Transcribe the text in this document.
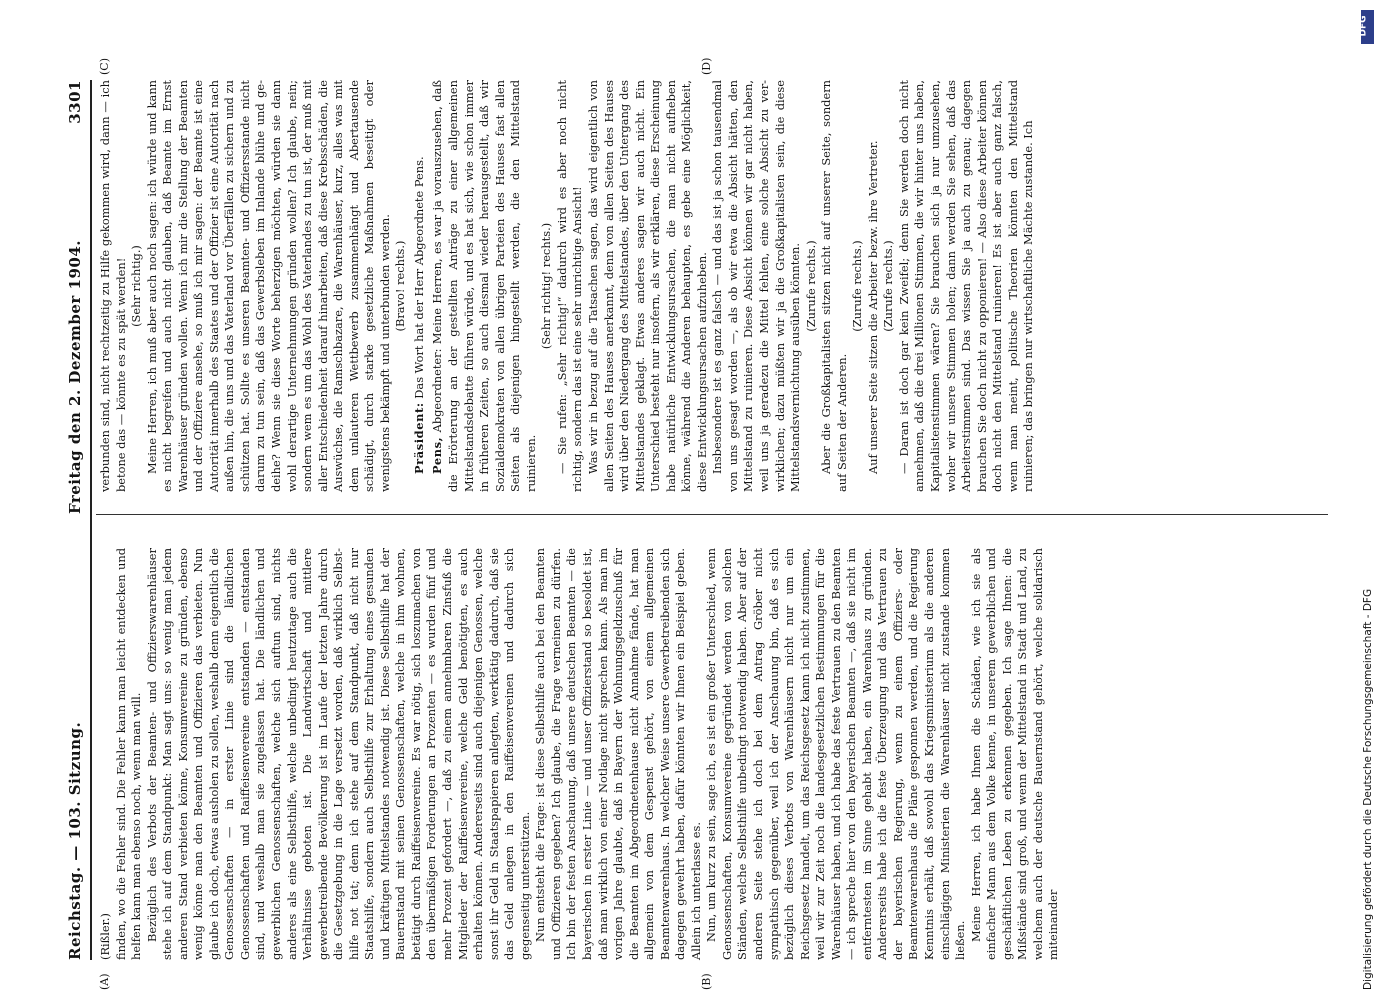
Reichstag. — 103. Sitzung.
Freitag den 2. Dezember 1904.
3301
(A)	(B)
(C)	(D)

(Rißler.) finden, wo die Fehler sind. Die Fehler kann man leicht entdecken und helfen kann man ebenso noch, wenn man will. Bezüglich des Verbots der Beamten- und Offizierswarenhäuser stehe ich auf dem Standpunkt: Man sagt uns: so wenig man jedem anderen Stand verbieten könne, Konsumvereine zu gründen, ebenso wenig könne man den Beamten und Offizieren das verbieten. Nun glaube ich doch, etwas ausholen zu sollen, weshalb denn eigentlich die Genossenschaften — in erster Linie sind die ländlichen Genossenschaften und Raiffeisenvereine entstanden — entstanden sind, und weshalb man sie zugelassen hat. Die ländlichen und gewerblichen Genossenschaften, welche sich auftun sind, nichts anderes als eine Selbsthilfe, welche unbedingt heutzutage auch die Verhältnisse geboten ist. Die Landwirtschaft und mittlere gewerbetreibende Bevölkerung ist im Laufe der letzten Jahre durch die Gesetzgebung in die Lage versetzt worden, daß wirklich Selbsthilfe not tat; denn ich stehe auf dem Standpunkt, daß nicht nur Staatshilfe, sondern auch Selbsthilfe zur Erhaltung eines gesunden und kräftigen Mittelstandes notwendig ist. Diese Selbsthilfe hat der Bauernstand mit seinen Genossenschaften, welche in ihm wohnen, betätigt durch Raiffeisenvereine. Es war nötig, sich loszumachen von den übermäßigen Forderungen an Prozenten — es wurden fünf und mehr Prozent gefordert —, daß zu einem annehmbaren Zinsfuß die Mitglieder der Raiffeisenvereine, welche Geld benötigten, es auch erhalten können. Andererseits sind auch diejenigen Genossen, welche sonst ihr Geld in Staatspapieren anlegten, werktätig dadurch, daß sie das Geld anlegen in den Raiffeisenvereinen und dadurch sich gegenseitig unterstützen. Nun entsteht die Frage: ist diese Selbsthilfe auch bei den Beamten und Offizieren gegeben? Ich glaube, die Frage verneinen zu dürfen. Ich bin der festen Anschauung, daß unsere deutschen Beamten — die bayerischen in erster Linie — und unser Offizierstand so besoldet ist, daß man wirklich von einer Notlage nicht sprechen kann. Als man im vorigen Jahre glaubte, daß in Bayern der Wohnungsgeldzuschuß für die Beamten im Abgeordnetenhause nicht Annahme fände, hat man allgemein von dem Gespenst gehört, von einem allgemeinen Beamtenwarenhaus. In welcher Weise unsere Gewerbetreibenden sich dagegen gewehrt haben, dafür könnten wir Ihnen ein Beispiel geben. Allein ich unterlasse es. Nun, um kurz zu sein, sage ich, es ist ein großer Unterschied, wenn Genossenschaften, Konsumvereine gegründet werden von solchen Ständen, welche Selbsthilfe unbedingt notwendig haben. Aber auf der anderen Seite stehe ich doch bei dem Antrag Gröber nicht sympathisch gegenüber, weil ich der Anschauung bin, daß es sich bezüglich dieses Verbots von Warenhäusern nicht nur um ein Reichsgesetz handelt, um das Reichsgesetz kann ich nicht zustimmen, weil wir zur Zeit noch die landesgesetzlichen Bestimmungen für die Warenhäuser haben, und ich habe das feste Vertrauen zu den Beamten — ich spreche hier von den bayerischen Beamten —, daß sie nicht im entferntesten im Sinne gehabt haben, ein Warenhaus zu gründen. Andererseits habe ich die feste Überzeugung und das Vertrauen zu der bayerischen Regierung, wenn zu einem Offiziers- oder Beamtenwarenhaus die Pläne gesponnen werden, und die Regierung Kenntnis erhält, daß sowohl das Kriegsministerium als die anderen einschlägigen Ministerien die Warenhäuser nicht zustande kommen ließen. Meine Herren, ich habe Ihnen die Schäden, wie ich sie als einfacher Mann aus dem Volke kenne, in unserem gewerblichen und geschäftlichen Leben zu erkennen gegeben. Ich sage Ihnen: die Mißstände sind groß, und wenn der Mittelstand in Stadt und Land, zu welchem auch der deutsche Bauernstand gehört, welche solidarisch miteinander

verbunden sind, nicht rechtzeitig zu Hilfe gekommen wird, dann — ich betone das — könnte es zu spät werden! (Sehr richtig.) Meine Herren, ich muß aber auch noch sagen: ich würde und kann es nicht begreifen und auch nicht glauben, daß Beamte im Ernst Warenhäuser gründen wollen. Wenn ich mir die Stellung der Beamten und der Offiziere ansehe, so muß ich mir sagen: der Beamte ist eine Autorität innerhalb des Staates und der Offizier ist eine Autorität nach außen hin, die uns und das Vaterland vor Überfällen zu sichern und zu schützen hat. Sollte es unseren Beamten- und Offiziersstande nicht darum zu tun sein, daß das Gewerbsleben im Inlande blühe und gedeihe? Wenn sie diese Worte beherzigen möchten, würden sie dann wohl derartige Unternehmungen gründen wollen? Ich glaube, nein; sondern wem es um das Wohl des Vaterlandes zu tun ist, der muß mit aller Entschiedenheit darauf hinarbeiten, daß diese Krebsschäden, die Auswüchse, die Ramschbazare, die Warenhäuser, kurz, alles was mit dem unlauteren Wettbewerb zusammenhängt und Abertausende schädigt, durch starke gesetzliche Maßnahmen beseitigt oder wenigstens bekämpft und unterbunden werden. (Bravo! rechts.)

Präsident: Das Wort hat der Herr Abgeordnete Pens.

Pens, Abgeordneter: Meine Herren, es war ja vorauszusehen, daß die Erörterung an der gestellten Anträge zu einer allgemeinen Mittelstandsdebatte führen würde, und es hat sich, wie schon immer in früheren Zeiten, so auch diesmal wieder herausgestellt, daß wir Sozialdemokraten von allen übrigen Parteien des Hauses fast allen Seiten als diejenigen hingestellt werden, die den Mittelstand ruinieren.

(Sehr richtig! rechts.) — Sie rufen: „Sehr richtig!“ dadurch wird es aber noch nicht richtig, sondern das ist eine sehr unrichtige Ansicht! Was wir in bezug auf die Tatsachen sagen, das wird eigentlich von allen Seiten des Hauses anerkannt, denn von allen Seiten des Hauses wird über den Niedergang des Mittelstandes, über den Untergang des Mittelstandes geklagt. Etwas anderes sagen wir auch nicht. Ein Unterschied besteht nur insofern, als wir erklären, diese Erscheinung habe natürliche Entwicklungsursachen, die man nicht aufheben könne, während die Anderen behaupten, es gebe eine Möglichkeit, diese Entwicklungsursachen aufzuheben. Insbesondere ist es ganz falsch — und das ist ja schon tausendmal von uns gesagt worden —, als ob wir etwa die Absicht hätten, den Mittelstand zu ruinieren. Diese Absicht können wir gar nicht haben, weil uns ja geradezu die Mittel fehlen, eine solche Absicht zu verwirklichen; dazu müßten wir ja die Großkapitalisten sein, die diese Mittelstandsvernichtung ausüben könnten. (Zurufe rechts.) Aber die Großkapitalisten sitzen nicht auf unserer Seite, sondern auf Seiten der Anderen.

(Zurufe rechts.) Auf unserer Seite sitzen die Arbeiter bezw. ihre Vertreter. (Zurufe rechts.) — Daran ist doch gar kein Zweifel; denn Sie werden doch nicht annehmen, daß die drei Millionen Stimmen, die wir hinter uns haben, Kapitalistenstimmen wären? Sie brauchen sich ja nur umzusehen, woher wir unsere Stimmen holen; dann werden Sie sehen, daß das Arbeiterstimmen sind. Das wissen Sie ja auch zu genau; dagegen brauchen Sie doch nicht zu opponieren! — Also diese Arbeiter können doch nicht den Mittelstand ruinieren! Es ist aber auch ganz falsch, wenn man meint, politische Theorien könnten den Mittelstand ruinieren; das bringen nur wirtschaftliche Mächte zustande. Ich

DFG
Digitalisierung gefördert durch die Deutsche Forschungsgemeinschaft - DFG
